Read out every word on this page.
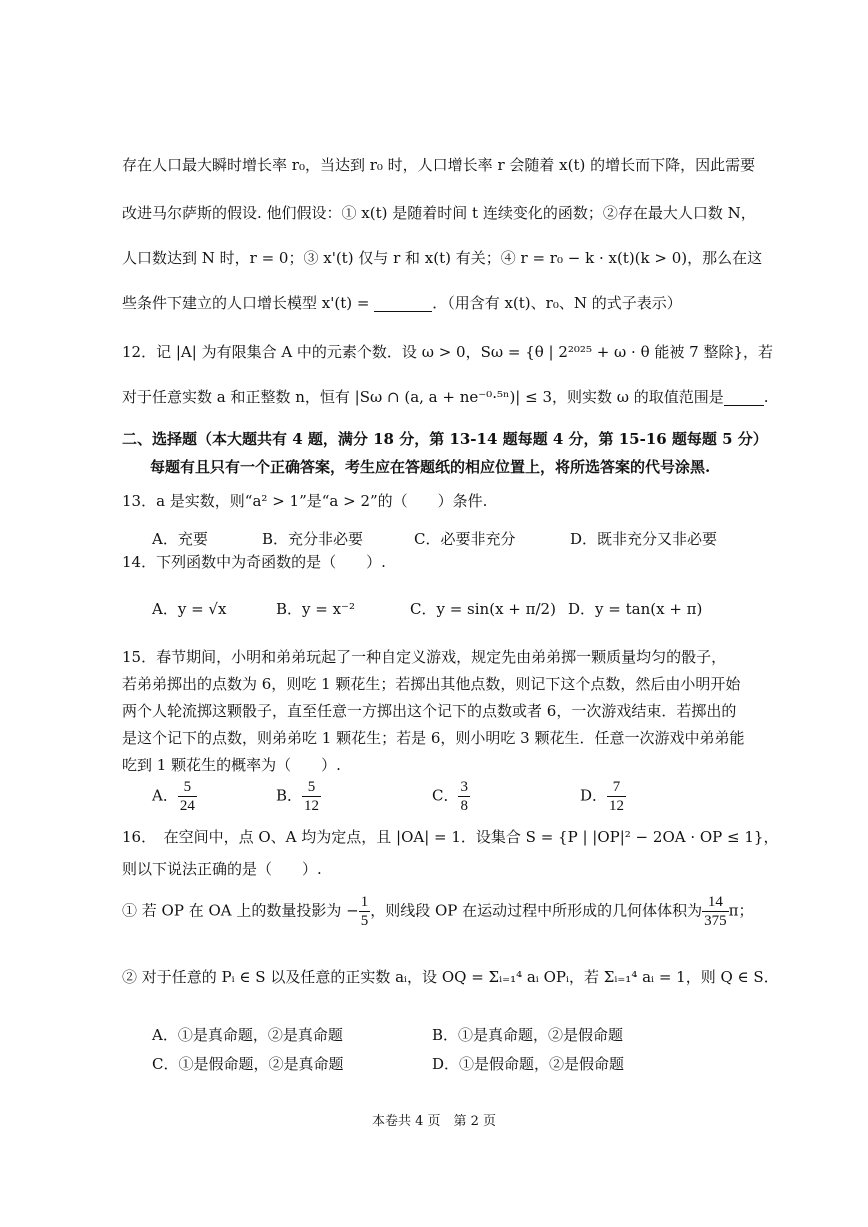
存在人口最大瞬时增长率 r₀，当达到 r₀ 时，人口增长率 r 会随着 x(t) 的增长而下降，因此需要
改进马尔萨斯的假设. 他们假设：① x(t) 是随着时间 t 连续变化的函数；②存在最大人口数 N，
人口数达到 N 时，r = 0；③ x'(t) 仅与 r 和 x(t) 有关；④ r = r₀ − k · x(t)(k > 0)，那么在这
些条件下建立的人口增长模型 x'(t) =	．（用含有 x(t)、r₀、N 的式子表示）
12．记 |A| 为有限集合 A 中的元素个数．设 ω > 0，Sω = {θ | 2²⁰²⁵ + ω · θ 能被 7 整除}，若
对于任意实数 a 和正整数 n，恒有 |Sω ∩ (a, a + ne⁻⁰·⁵ⁿ)| ≤ 3，则实数 ω 的取值范围是	.
二、选择题（本大题共有 4 题，满分 18 分，第 13-14 题每题 4 分，第 15-16 题每题 5 分）
每题有且只有一个正确答案，考生应在答题纸的相应位置上，将所选答案的代号涂黑.
13．a 是实数，则“a² > 1”是“a > 2”的（　　）条件.
A．充要	B．充分非必要	C．必要非充分	D．既非充分又非必要
14．下列函数中为奇函数的是（　　）.
A．y = √x	B．y = x⁻²	C．y = sin(x + π/2) D．y = tan(x + π)
15．春节期间，小明和弟弟玩起了一种自定义游戏，规定先由弟弟掷一颗质量均匀的骰子，
若弟弟掷出的点数为 6，则吃 1 颗花生；若掷出其他点数，则记下这个点数，然后由小明开始
两个人轮流掷这颗骰子，直至任意一方掷出这个记下的点数或者 6，一次游戏结束．若掷出的
是这个记下的点数，则弟弟吃 1 颗花生；若是 6，则小明吃 3 颗花生．任意一次游戏中弟弟能
吃到 1 颗花生的概率为（　　）.
A． $\frac{5}{24}$	B． $\frac{5}{12}$	C． $\frac{3}{8}$	D． $\frac{7}{12}$
16．　在空间中，点 O、A 均为定点，且 |OA| = 1．设集合 S = {P | |OP|² − 2OA · OP ≤ 1}，
则以下说法正确的是（　　）.
① 若 OP 在 OA 上的数量投影为 − $\frac{1}{5}$ ，则线段 OP 在运动过程中所形成的几何体体积为 $\frac{14}{375}$ π；
② 对于任意的 Pᵢ ∈ S 以及任意的正实数 aᵢ，设 OQ = Σᵢ₌₁⁴ aᵢ OPᵢ，若 Σᵢ₌₁⁴ aᵢ = 1，则 Q ∈ S．
A．①是真命题，②是真命题	B．①是真命题，②是假命题
C．①是假命题，②是真命题	D．①是假命题，②是假命题
本卷共 4 页　第 2 页
